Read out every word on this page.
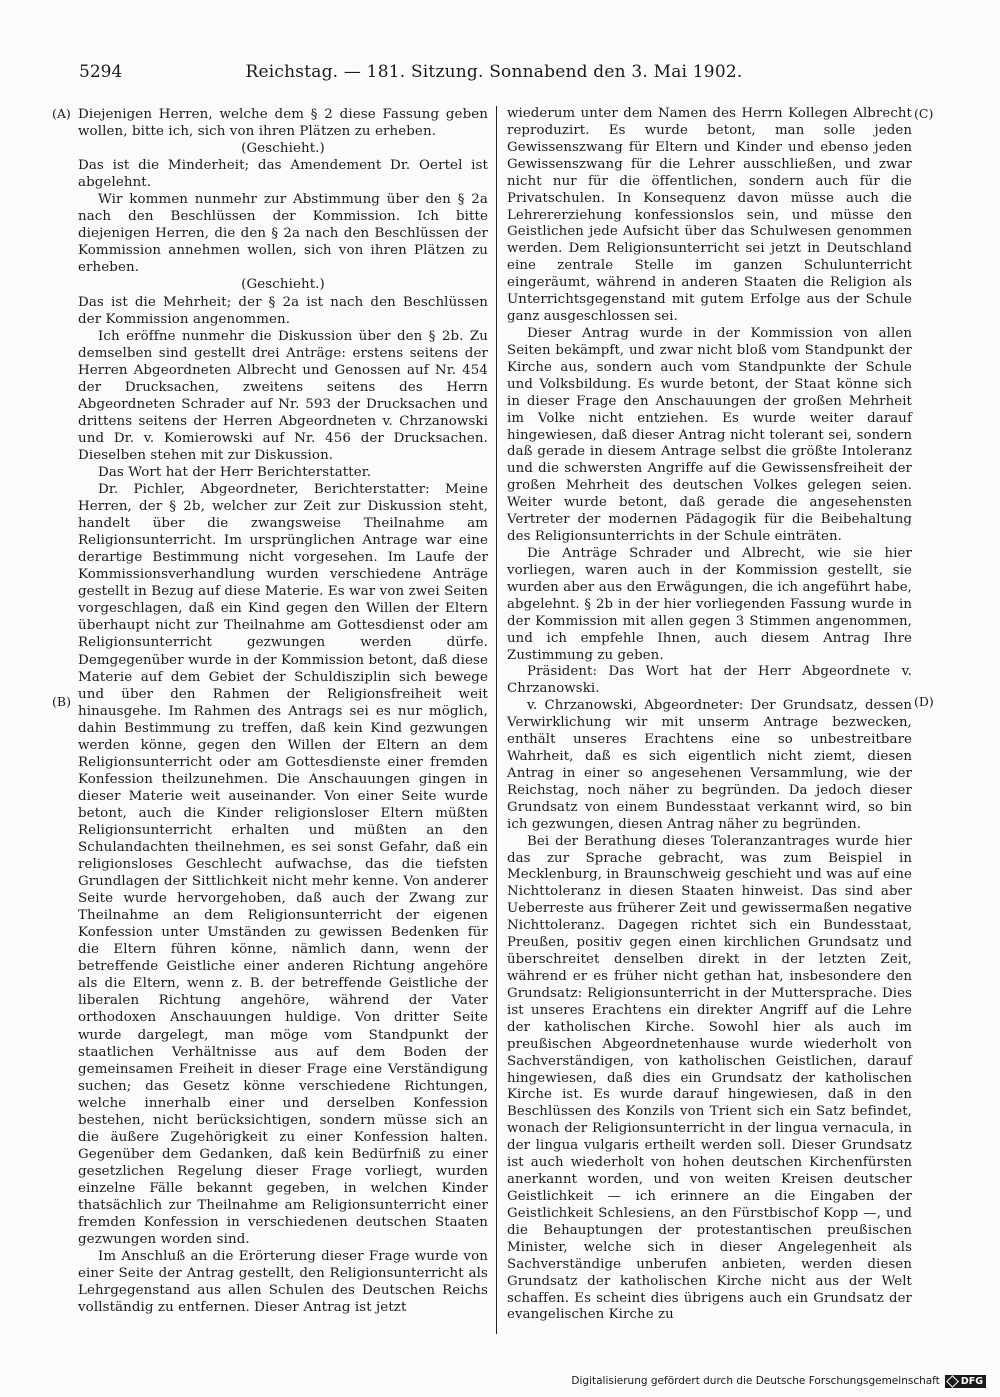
5294	Reichstag. — 181. Sitzung. Sonnabend den 3. Mai 1902.
(A)
(B)
(C)
(D)

Diejenigen Herren, welche dem § 2 diese Fassung geben wollen, bitte ich, sich von ihren Plätzen zu erheben.

(Geschieht.)

Das ist die Minderheit; das Amendement Dr. Oertel ist abgelehnt.

Wir kommen nunmehr zur Abstimmung über den § 2a nach den Beschlüssen der Kommission. Ich bitte diejenigen Herren, die den § 2a nach den Beschlüssen der Kommission annehmen wollen, sich von ihren Plätzen zu erheben.

(Geschieht.)

Das ist die Mehrheit; der § 2a ist nach den Beschlüssen der Kommission angenommen.

Ich eröffne nunmehr die Diskussion über den § 2b. Zu demselben sind gestellt drei Anträge: erstens seitens der Herren Abgeordneten Albrecht und Genossen auf Nr. 454 der Drucksachen, zweitens seitens des Herrn Abgeordneten Schrader auf Nr. 593 der Drucksachen und drittens seitens der Herren Abgeordneten v. Chrzanowski und Dr. v. Komierowski auf Nr. 456 der Drucksachen. Dieselben stehen mit zur Diskussion.

Das Wort hat der Herr Berichterstatter.

Dr. Pichler, Abgeordneter, Berichterstatter: Meine Herren, der § 2b, welcher zur Zeit zur Diskussion steht, handelt über die zwangsweise Theilnahme am Religionsunterricht. Im ursprünglichen Antrage war eine derartige Bestimmung nicht vorgesehen. Im Laufe der Kommissionsverhandlung wurden verschiedene Anträge gestellt in Bezug auf diese Materie. Es war von zwei Seiten vorgeschlagen, daß ein Kind gegen den Willen der Eltern überhaupt nicht zur Theilnahme am Gottesdienst oder am Religionsunterricht gezwungen werden dürfe. Demgegenüber wurde in der Kommission betont, daß diese Materie auf dem Gebiet der Schuldisziplin sich bewege und über den Rahmen der Religionsfreiheit weit hinausgehe. Im Rahmen des Antrags sei es nur möglich, dahin Bestimmung zu treffen, daß kein Kind gezwungen werden könne, gegen den Willen der Eltern an dem Religionsunterricht oder am Gottesdienste einer fremden Konfession theilzunehmen. Die Anschauungen gingen in dieser Materie weit auseinander. Von einer Seite wurde betont, auch die Kinder religionsloser Eltern müßten Religionsunterricht erhalten und müßten an den Schulandachten theilnehmen, es sei sonst Gefahr, daß ein religionsloses Geschlecht aufwachse, das die tiefsten Grundlagen der Sittlichkeit nicht mehr kenne. Von anderer Seite wurde hervorgehoben, daß auch der Zwang zur Theilnahme an dem Religionsunterricht der eigenen Konfession unter Umständen zu gewissen Bedenken für die Eltern führen könne, nämlich dann, wenn der betreffende Geistliche einer anderen Richtung angehöre als die Eltern, wenn z. B. der betreffende Geistliche der liberalen Richtung angehöre, während der Vater orthodoxen Anschauungen huldige. Von dritter Seite wurde dargelegt, man möge vom Standpunkt der staatlichen Verhältnisse aus auf dem Boden der gemeinsamen Freiheit in dieser Frage eine Verständigung suchen; das Gesetz könne verschiedene Richtungen, welche innerhalb einer und derselben Konfession bestehen, nicht berücksichtigen, sondern müsse sich an die äußere Zugehörigkeit zu einer Konfession halten. Gegenüber dem Gedanken, daß kein Bedürfniß zu einer gesetzlichen Regelung dieser Frage vorliegt, wurden einzelne Fälle bekannt gegeben, in welchen Kinder thatsächlich zur Theilnahme am Religionsunterricht einer fremden Konfession in verschiedenen deutschen Staaten gezwungen worden sind.

Im Anschluß an die Erörterung dieser Frage wurde von einer Seite der Antrag gestellt, den Religionsunterricht als Lehrgegenstand aus allen Schulen des Deutschen Reichs vollständig zu entfernen. Dieser Antrag ist jetzt

wiederum unter dem Namen des Herrn Kollegen Albrecht reproduzirt. Es wurde betont, man solle jeden Gewissenszwang für Eltern und Kinder und ebenso jeden Gewissenszwang für die Lehrer ausschließen, und zwar nicht nur für die öffentlichen, sondern auch für die Privatschulen. In Konsequenz davon müsse auch die Lehrererziehung konfessionslos sein, und müsse den Geistlichen jede Aufsicht über das Schulwesen genommen werden. Dem Religionsunterricht sei jetzt in Deutschland eine zentrale Stelle im ganzen Schulunterricht eingeräumt, während in anderen Staaten die Religion als Unterrichtsgegenstand mit gutem Erfolge aus der Schule ganz ausgeschlossen sei.

Dieser Antrag wurde in der Kommission von allen Seiten bekämpft, und zwar nicht bloß vom Standpunkt der Kirche aus, sondern auch vom Standpunkte der Schule und Volksbildung. Es wurde betont, der Staat könne sich in dieser Frage den Anschauungen der großen Mehrheit im Volke nicht entziehen. Es wurde weiter darauf hingewiesen, daß dieser Antrag nicht tolerant sei, sondern daß gerade in diesem Antrage selbst die größte Intoleranz und die schwersten Angriffe auf die Gewissensfreiheit der großen Mehrheit des deutschen Volkes gelegen seien. Weiter wurde betont, daß gerade die angesehensten Vertreter der modernen Pädagogik für die Beibehaltung des Religionsunterrichts in der Schule einträten.

Die Anträge Schrader und Albrecht, wie sie hier vorliegen, waren auch in der Kommission gestellt, sie wurden aber aus den Erwägungen, die ich angeführt habe, abgelehnt. § 2b in der hier vorliegenden Fassung wurde in der Kommission mit allen gegen 3 Stimmen angenommen, und ich empfehle Ihnen, auch diesem Antrag Ihre Zustimmung zu geben.

Präsident: Das Wort hat der Herr Abgeordnete v. Chrzanowski.

v. Chrzanowski, Abgeordneter: Der Grundsatz, dessen Verwirklichung wir mit unserm Antrage bezwecken, enthält unseres Erachtens eine so unbestreitbare Wahrheit, daß es sich eigentlich nicht ziemt, diesen Antrag in einer so angesehenen Versammlung, wie der Reichstag, noch näher zu begründen. Da jedoch dieser Grundsatz von einem Bundesstaat verkannt wird, so bin ich gezwungen, diesen Antrag näher zu begründen.

Bei der Berathung dieses Toleranzantrages wurde hier das zur Sprache gebracht, was zum Beispiel in Mecklenburg, in Braunschweig geschieht und was auf eine Nichttoleranz in diesen Staaten hinweist. Das sind aber Ueberreste aus früherer Zeit und gewissermaßen negative Nichttoleranz. Dagegen richtet sich ein Bundesstaat, Preußen, positiv gegen einen kirchlichen Grundsatz und überschreitet denselben direkt in der letzten Zeit, während er es früher nicht gethan hat, insbesondere den Grundsatz: Religionsunterricht in der Muttersprache. Dies ist unseres Erachtens ein direkter Angriff auf die Lehre der katholischen Kirche. Sowohl hier als auch im preußischen Abgeordnetenhause wurde wiederholt von Sachverständigen, von katholischen Geistlichen, darauf hingewiesen, daß dies ein Grundsatz der katholischen Kirche ist. Es wurde darauf hingewiesen, daß in den Beschlüssen des Konzils von Trient sich ein Satz befindet, wonach der Religionsunterricht in der lingua vernacula, in der lingua vulgaris ertheilt werden soll. Dieser Grundsatz ist auch wiederholt von hohen deutschen Kirchenfürsten anerkannt worden, und von weiten Kreisen deutscher Geistlichkeit — ich erinnere an die Eingaben der Geistlichkeit Schlesiens, an den Fürstbischof Kopp —, und die Behauptungen der protestantischen preußischen Minister, welche sich in dieser Angelegenheit als Sachverständige unberufen anbieten, werden diesen Grundsatz der katholischen Kirche nicht aus der Welt schaffen. Es scheint dies übrigens auch ein Grundsatz der evangelischen Kirche zu

Digitalisierung gefördert durch die Deutsche Forschungsgemeinschaft DFG
